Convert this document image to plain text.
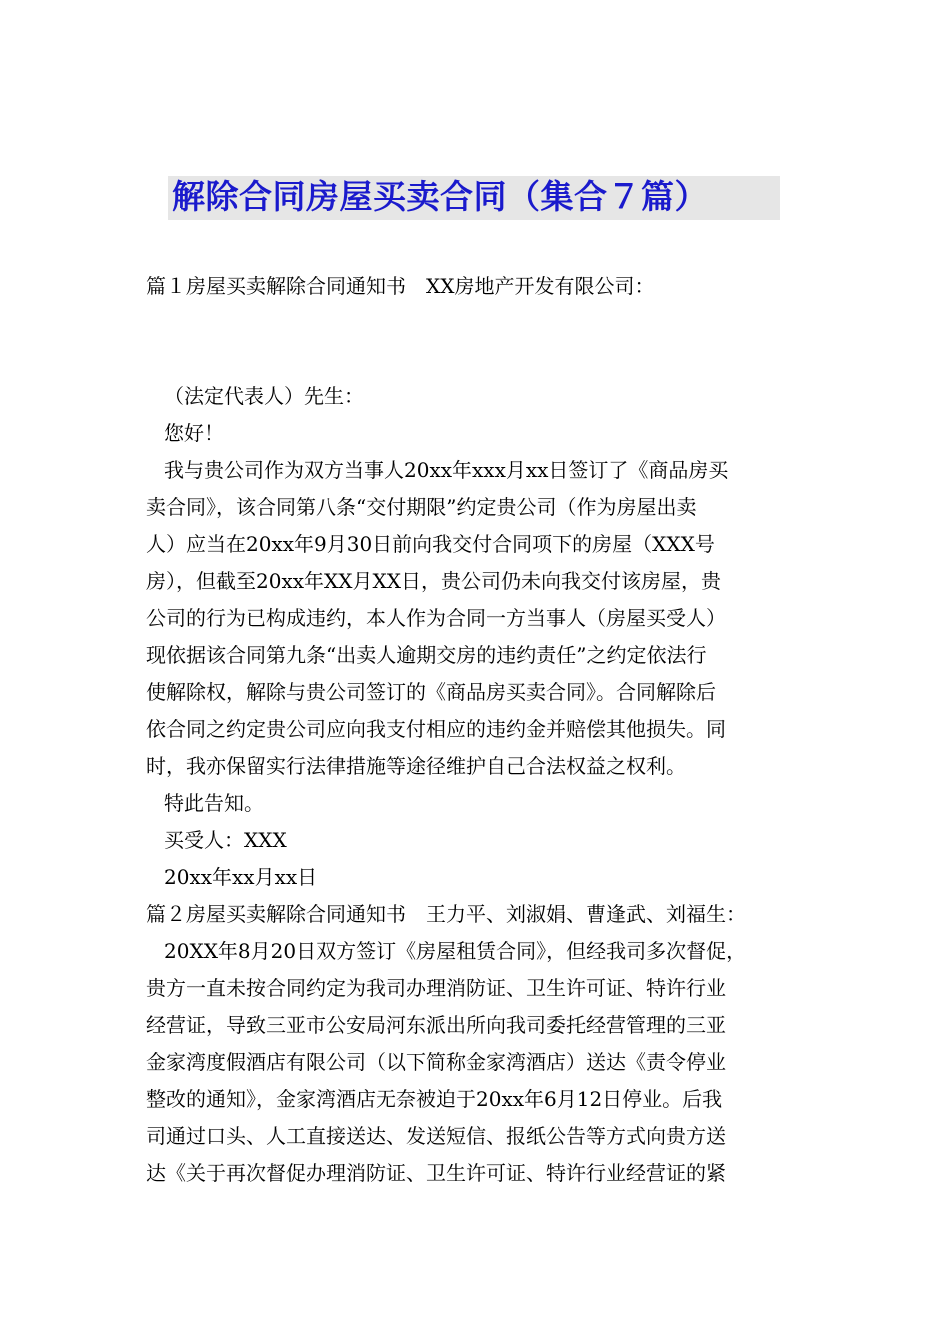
解除合同房屋买卖合同（集合７篇）
篇１房屋买卖解除合同通知书　XX房地产开发有限公司：
（法定代表人）先生：
您好！
我与贵公司作为双方当事人20xx年xxx月xx日签订了《商品房买
卖合同》，该合同第八条“交付期限”约定贵公司（作为房屋出卖
人）应当在20xx年9月30日前向我交付合同项下的房屋（XXX号
房），但截至20xx年XX月XX日，贵公司仍未向我交付该房屋，贵
公司的行为已构成违约，本人作为合同一方当事人（房屋买受人）
现依据该合同第九条“出卖人逾期交房的违约责任”之约定依法行
使解除权，解除与贵公司签订的《商品房买卖合同》。合同解除后
依合同之约定贵公司应向我支付相应的违约金并赔偿其他损失。同
时，我亦保留实行法律措施等途径维护自己合法权益之权利。
特此告知。
买受人：XXX
20xx年xx月xx日
篇２房屋买卖解除合同通知书　王力平、刘淑娟、曹逢武、刘福生：
20XX年8月20日双方签订《房屋租赁合同》，但经我司多次督促，
贵方一直未按合同约定为我司办理消防证、卫生许可证、特许行业
经营证，导致三亚市公安局河东派出所向我司委托经营管理的三亚
金家湾度假酒店有限公司（以下简称金家湾酒店）送达《责令停业
整改的通知》，金家湾酒店无奈被迫于20xx年6月12日停业。后我
司通过口头、人工直接送达、发送短信、报纸公告等方式向贵方送
达《关于再次督促办理消防证、卫生许可证、特许行业经营证的紧
